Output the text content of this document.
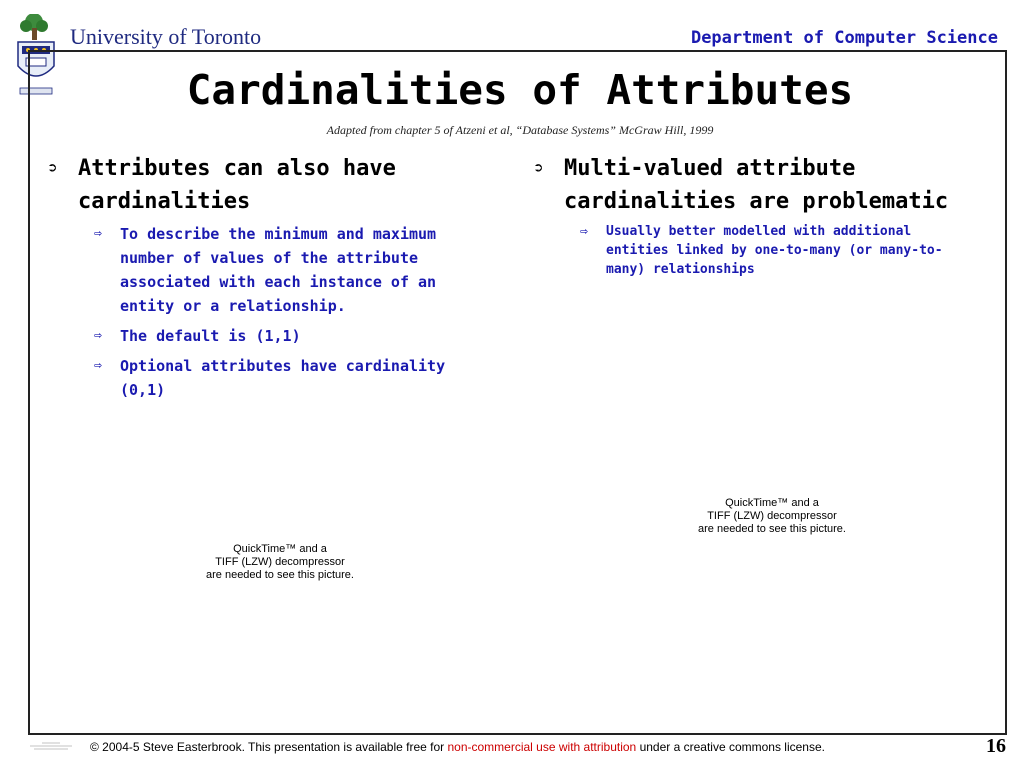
University of Toronto	Department of Computer Science
Cardinalities of Attributes
Adapted from chapter 5 of Atzeni et al, “Database Systems” McGraw Hill, 1999
➲ Attributes can also have cardinalities
⇨	To describe the minimum and maximum number of values of the attribute associated with each instance of an entity or a relationship.
⇨	The default is (1,1)
⇨	Optional attributes have cardinality (0,1)
➲ Multi-valued attribute cardinalities are problematic
⇨	Usually better modelled with additional entities linked by one-to-many (or many-to-many) relationships
QuickTime™ and a
TIFF (LZW) decompressor
are needed to see this picture.
QuickTime™ and a
TIFF (LZW) decompressor
are needed to see this picture.
© 2004-5 Steve Easterbrook. This presentation is available free for non-commercial use with attribution under a creative commons license.	16
